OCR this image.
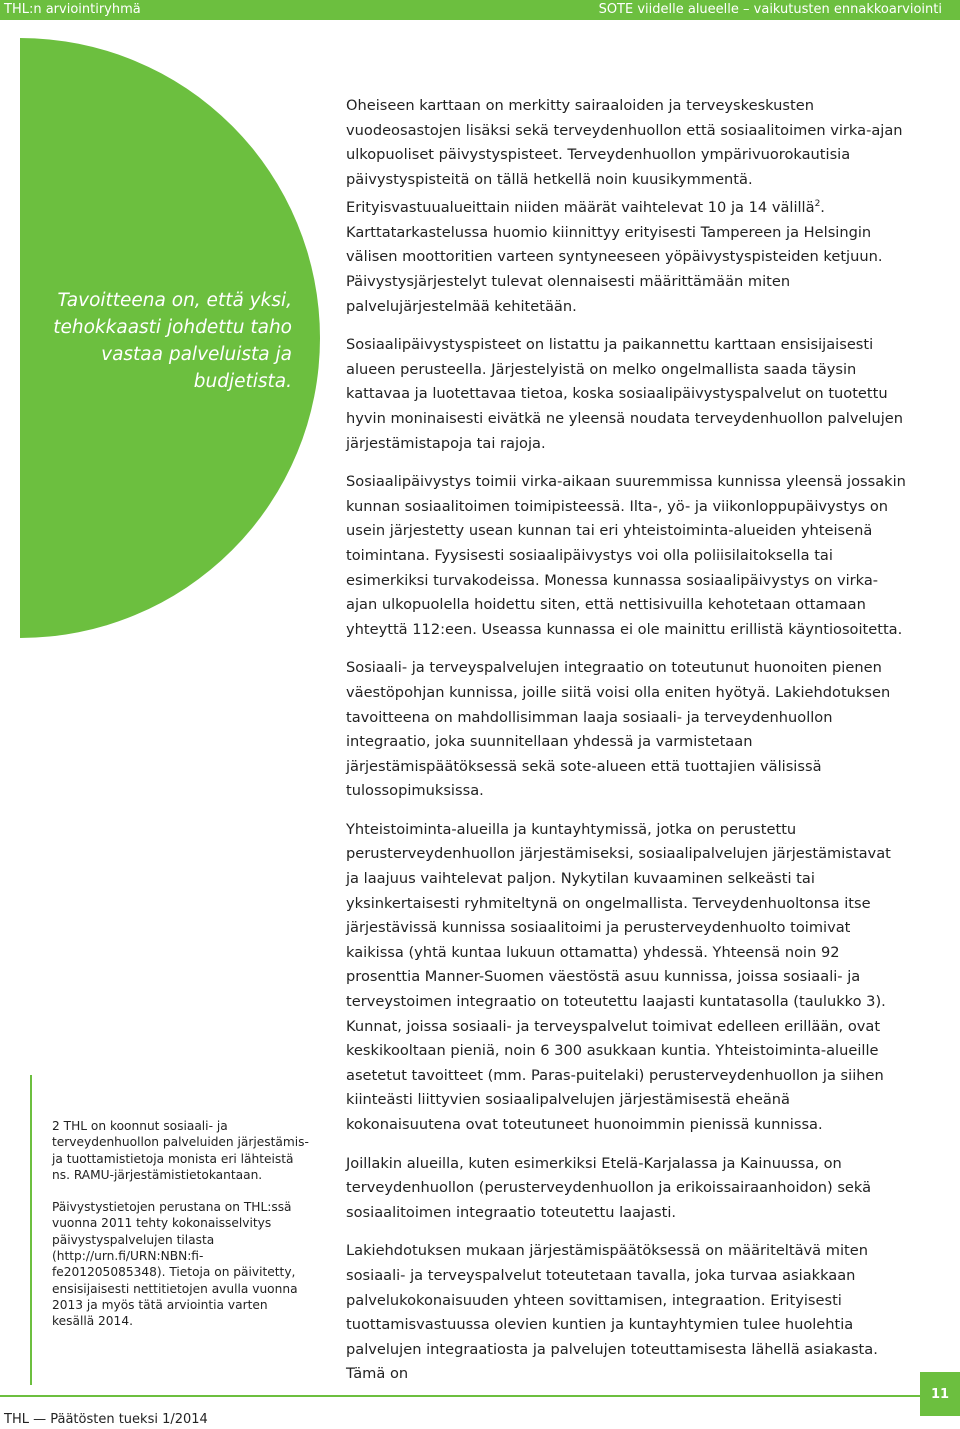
THL:n arviointiryhmä	SOTE viidelle alueelle – vaikutusten ennakkoarviointi
Tavoitteena on, että yksi, tehokkaasti johdettu taho vastaa palveluista ja budjetista.

Oheiseen karttaan on merkitty sairaaloiden ja terveyskeskusten vuodeosastojen lisäksi sekä terveydenhuollon että sosiaalitoimen virka-ajan ulkopuoliset päivystyspisteet. Terveydenhuollon ympärivuorokautisia päivystyspisteitä on tällä hetkellä noin kuusikymmentä. Erityisvastuualueittain niiden määrät vaihtelevat 10 ja 14 välillä$^2$. Karttatarkastelussa huomio kiinnittyy erityisesti Tampereen ja Helsingin välisen moottoritien varteen syntyneeseen yöpäivystyspisteiden ketjuun. Päivystysjärjestelyt tulevat olennaisesti määrittämään miten palvelujärjestelmää kehitetään.

Sosiaalipäivystyspisteet on listattu ja paikannettu karttaan ensisijaisesti alueen perusteella. Järjestelyistä on melko ongelmallista saada täysin kattavaa ja luotettavaa tietoa, koska sosiaalipäivystyspalvelut on tuotettu hyvin moninaisesti eivätkä ne yleensä noudata terveydenhuollon palvelujen järjestämistapoja tai rajoja.

Sosiaalipäivystys toimii virka-aikaan suuremmissa kunnissa yleensä jossakin kunnan sosiaalitoimen toimipisteessä. Ilta-, yö- ja viikonloppupäivystys on usein järjestetty usean kunnan tai eri yhteistoiminta-alueiden yhteisenä toimintana. Fyysisesti sosiaalipäivystys voi olla poliisilaitoksella tai esimerkiksi turvakodeissa. Monessa kunnassa sosiaalipäivystys on virka-ajan ulkopuolella hoidettu siten, että nettisivuilla kehotetaan ottamaan yhteyttä 112:een. Useassa kunnassa ei ole mainittu erillistä käyntiosoitetta.

Sosiaali- ja terveyspalvelujen integraatio on toteutunut huonoiten pienen väestöpohjan kunnissa, joille siitä voisi olla eniten hyötyä. Lakiehdotuksen tavoitteena on mahdollisimman laaja sosiaali- ja terveydenhuollon integraatio, joka suunnitellaan yhdessä ja varmistetaan järjestämispäätöksessä sekä sote-alueen että tuottajien välisissä tulossopimuksissa.

Yhteistoiminta-alueilla ja kuntayhtymissä, jotka on perustettu perusterveydenhuollon järjestämiseksi, sosiaalipalvelujen järjestämistavat ja laajuus vaihtelevat paljon. Nykytilan kuvaaminen selkeästi tai yksinkertaisesti ryhmiteltynä on ongelmallista. Terveydenhuoltonsa itse järjestävissä kunnissa sosiaalitoimi ja perusterveydenhuolto toimivat kaikissa (yhtä kuntaa lukuun ottamatta) yhdessä. Yhteensä noin 92 prosenttia Manner-Suomen väestöstä asuu kunnissa, joissa sosiaali- ja terveystoimen integraatio on toteutettu laajasti kuntatasolla (taulukko 3). Kunnat, joissa sosiaali- ja terveyspalvelut toimivat edelleen erillään, ovat keskikooltaan pieniä, noin 6 300 asukkaan kuntia. Yhteistoiminta-alueille asetetut tavoitteet (mm. Paras-puitelaki) perusterveydenhuollon ja siihen kiinteästi liittyvien sosiaalipalvelujen järjestämisestä eheänä kokonaisuutena ovat toteutuneet huonoimmin pienissä kunnissa.

Joillakin alueilla, kuten esimerkiksi Etelä-Karjalassa ja Kainuussa, on terveydenhuollon (perusterveydenhuollon ja erikoissairaanhoidon) sekä sosiaalitoimen integraatio toteutettu laajasti.

Lakiehdotuksen mukaan järjestämispäätöksessä on määriteltävä miten sosiaali- ja terveyspalvelut toteutetaan tavalla, joka turvaa asiakkaan palvelukokonaisuuden yhteen sovittamisen, integraation. Erityisesti tuottamisvastuussa olevien kuntien ja kuntayhtymien tulee huolehtia palvelujen integraatiosta ja palvelujen toteuttamisesta lähellä asiakasta. Tämä on

2 THL on koonnut sosiaali- ja terveydenhuollon palveluiden järjestämis-ja tuottamistietoja monista eri lähteistä ns. RAMU-järjestämistietokantaan.

Päivystystietojen perustana on THL:ssä vuonna 2011 tehty kokonaisselvitys päivystyspalvelujen tilasta (http://urn.fi/URN:NBN:fi-fe201205085348). Tietoja on päivitetty, ensisijaisesti nettitietojen avulla vuonna 2013 ja myös tätä arviointia varten kesällä 2014.

THL — Päätösten tueksi 1/2014
11
